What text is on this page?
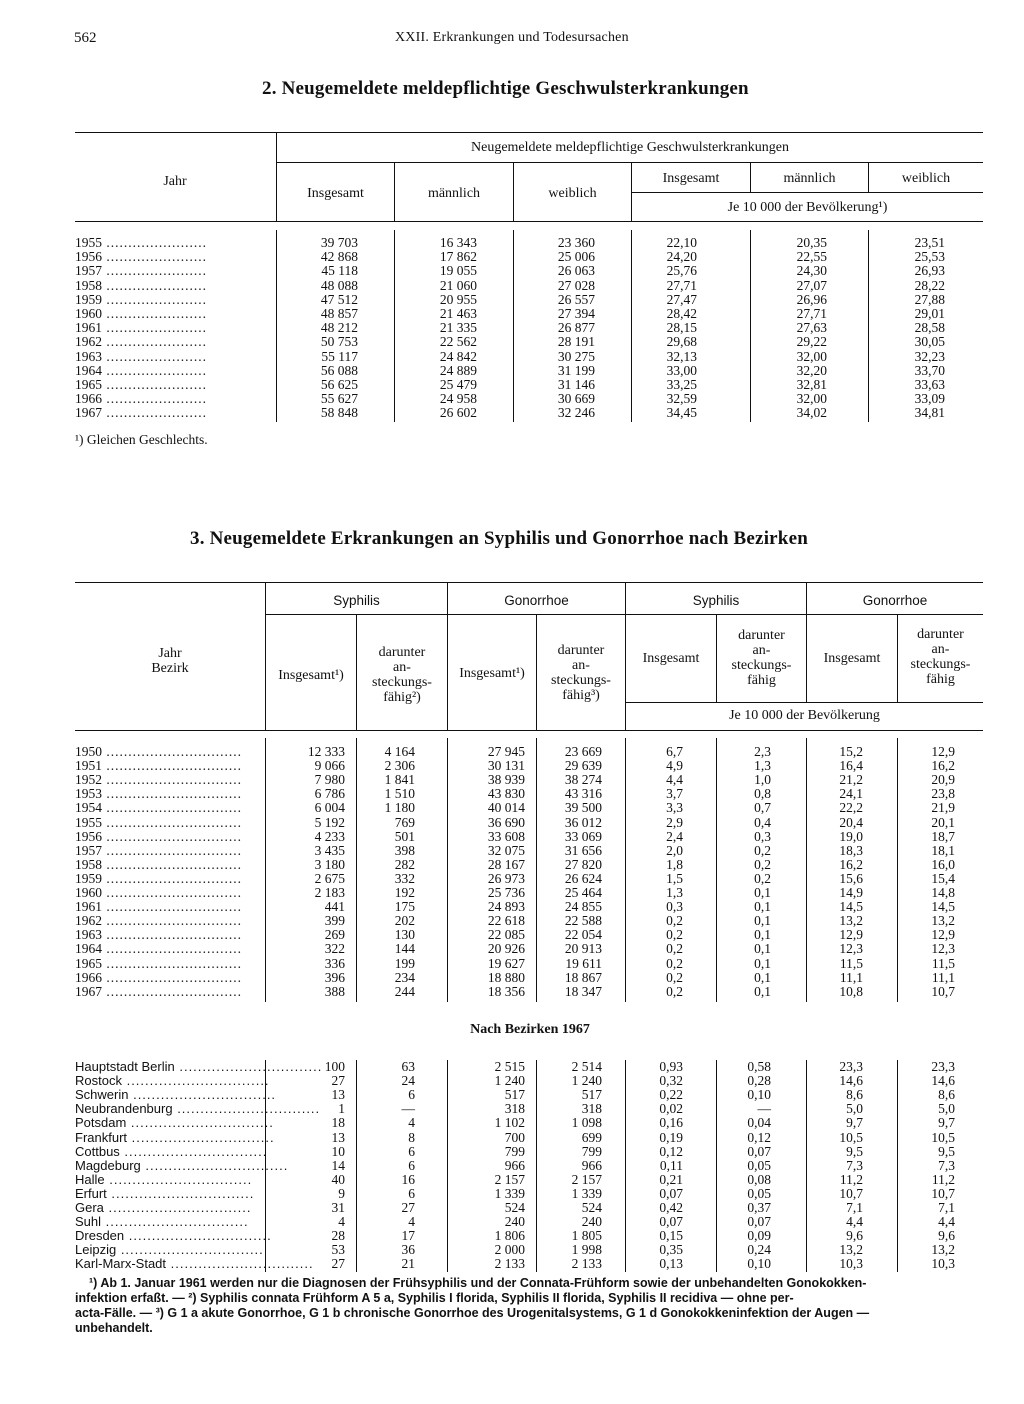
562	XXII. Erkrankungen und Todesursachen
2. Neugemeldete meldepflichtige Geschwulsterkrankungen
Jahr
Neugemeldete meldepflichtige Geschwulsterkrankungen
Insgesamt	männlich	weiblich
Insgesamt	männlich	weiblich
Je 10 000 der Bevölkerung¹)
1955 .......................	39 703	16 343	23 360	22,10	20,35	23,51
1956 .......................	42 868	17 862	25 006	24,20	22,55	25,53
1957 .......................	45 118	19 055	26 063	25,76	24,30	26,93
1958 .......................	48 088	21 060	27 028	27,71	27,07	28,22
1959 .......................	47 512	20 955	26 557	27,47	26,96	27,88
1960 .......................	48 857	21 463	27 394	28,42	27,71	29,01
1961 .......................	48 212	21 335	26 877	28,15	27,63	28,58
1962 .......................	50 753	22 562	28 191	29,68	29,22	30,05
1963 .......................	55 117	24 842	30 275	32,13	32,00	32,23
1964 .......................	56 088	24 889	31 199	33,00	32,20	33,70
1965 .......................	56 625	25 479	31 146	33,25	32,81	33,63
1966 .......................	55 627	24 958	30 669	32,59	32,00	33,09
1967 .......................	58 848	26 602	32 246	34,45	34,02	34,81
¹) Gleichen Geschlechts.
3. Neugemeldete Erkrankungen an Syphilis und Gonorrhoe nach Bezirken
Jahr
Bezirk
Syphilis	Gonorrhoe	Syphilis	Gonorrhoe
Insgesamt¹)
darunter
an-
steckungs-
fähig²)
Insgesamt¹)
darunter
an-
steckungs-
fähig³)
Insgesamt
darunter
an-
steckungs-
fähig
Insgesamt
darunter
an-
steckungs-
fähig
Je 10 000 der Bevölkerung
1950 ...............................	12 333	4 164	27 945	23 669	6,7	2,3	15,2	12,9
1951 ...............................	9 066	2 306	30 131	29 639	4,9	1,3	16,4	16,2
1952 ...............................	7 980	1 841	38 939	38 274	4,4	1,0	21,2	20,9
1953 ...............................	6 786	1 510	43 830	43 316	3,7	0,8	24,1	23,8
1954 ...............................	6 004	1 180	40 014	39 500	3,3	0,7	22,2	21,9
1955 ...............................	5 192	769	36 690	36 012	2,9	0,4	20,4	20,1
1956 ...............................	4 233	501	33 608	33 069	2,4	0,3	19,0	18,7
1957 ...............................	3 435	398	32 075	31 656	2,0	0,2	18,3	18,1
1958 ...............................	3 180	282	28 167	27 820	1,8	0,2	16,2	16,0
1959 ...............................	2 675	332	26 973	26 624	1,5	0,2	15,6	15,4
1960 ...............................	2 183	192	25 736	25 464	1,3	0,1	14,9	14,8
1961 ...............................	441	175	24 893	24 855	0,3	0,1	14,5	14,5
1962 ...............................	399	202	22 618	22 588	0,2	0,1	13,2	13,2
1963 ...............................	269	130	22 085	22 054	0,2	0,1	12,9	12,9
1964 ...............................	322	144	20 926	20 913	0,2	0,1	12,3	12,3
1965 ...............................	336	199	19 627	19 611	0,2	0,1	11,5	11,5
1966 ...............................	396	234	18 880	18 867	0,2	0,1	11,1	11,1
1967 ...............................	388	244	18 356	18 347	0,2	0,1	10,8	10,7
Nach Bezirken 1967
Hauptstadt Berlin ............................... 100	63	2 515	2 514	0,93	0,58	23,3	23,3
Rostock ...............................	27	24	1 240	1 240	0,32	0,28	14,6	14,6
Schwerin ...............................	13	6	517	517	0,22	0,10	8,6	8,6
Neubrandenburg ............................... 1	—	318	318	0,02	—	5,0	5,0
Potsdam ...............................	18	4	1 102	1 098	0,16	0,04	9,7	9,7
Frankfurt ...............................	13	8	700	699	0,19	0,12	10,5	10,5
Cottbus ...............................	10	6	799	799	0,12	0,07	9,5	9,5
Magdeburg ...............................	14	6	966	966	0,11	0,05	7,3	7,3
Halle ...............................	40	16	2 157	2 157	0,21	0,08	11,2	11,2
Erfurt ...............................	9	6	1 339	1 339	0,07	0,05	10,7	10,7
Gera ...............................	31	27	524	524	0,42	0,37	7,1	7,1
Suhl ...............................	4	4	240	240	0,07	0,07	4,4	4,4
Dresden ...............................	28	17	1 806	1 805	0,15	0,09	9,6	9,6
Leipzig ...............................	53	36	2 000	1 998	0,35	0,24	13,2	13,2
Karl-Marx-Stadt ............................... 27	21	2 133	2 133	0,13	0,10	10,3	10,3
¹) Ab 1. Januar 1961 werden nur die Diagnosen der Frühsyphilis und der Connata-Frühform sowie der unbehandelten Gonokokken-
infektion erfaßt. — ²) Syphilis connata Frühform A 5 a, Syphilis I florida, Syphilis II florida, Syphilis II recidiva — ohne per-
acta-Fälle. — ³) G 1 a akute Gonorrhoe, G 1 b chronische Gonorrhoe des Urogenitalsystems, G 1 d Gonokokkeninfektion der Augen —
unbehandelt.
